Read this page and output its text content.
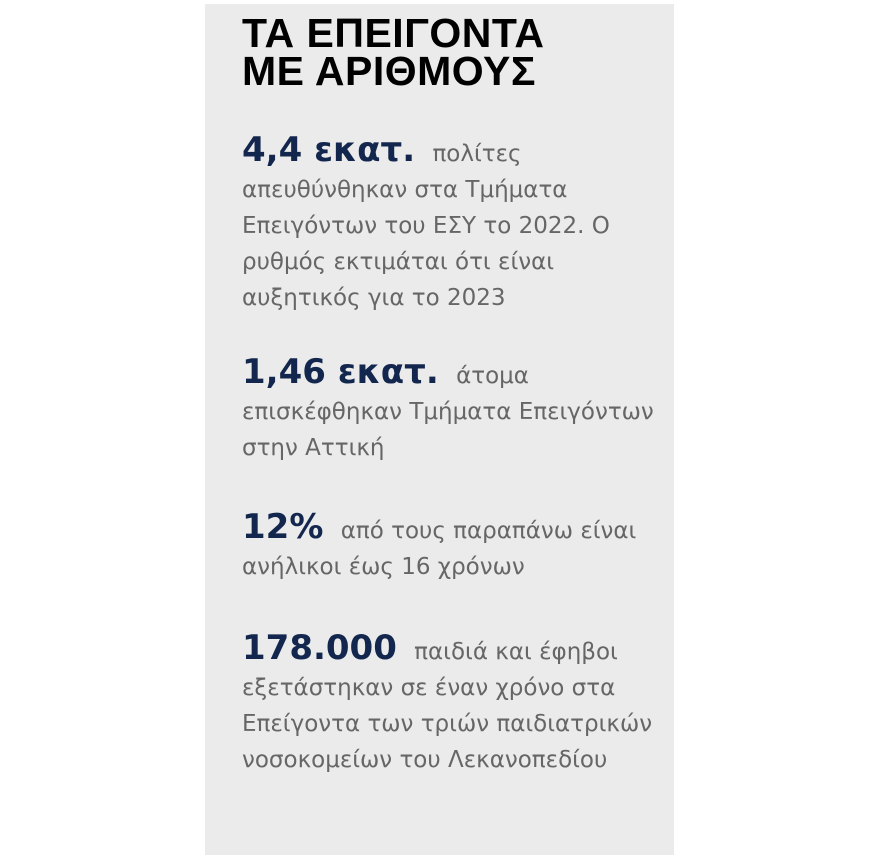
ΤΑ ΕΠΕΙΓΟΝΤΑ
ΜΕ ΑΡΙΘΜΟΥΣ

4,4 εκατ. πολίτες απευθύνθηκαν στα Τμήματα Επειγόντων του ΕΣΥ το 2022. Ο ρυθμός εκτιμάται ότι είναι αυξητικός για το 2023

1,46 εκατ. άτομα επισκέφθηκαν Τμήματα Επειγόντων στην Αττική

12% από τους παραπάνω είναι ανήλικοι έως 16 χρόνων

178.000 παιδιά και έφηβοι εξετάστηκαν σε έναν χρόνο στα Επείγοντα των τριών παιδιατρικών νοσοκομείων του Λεκανοπεδίου
